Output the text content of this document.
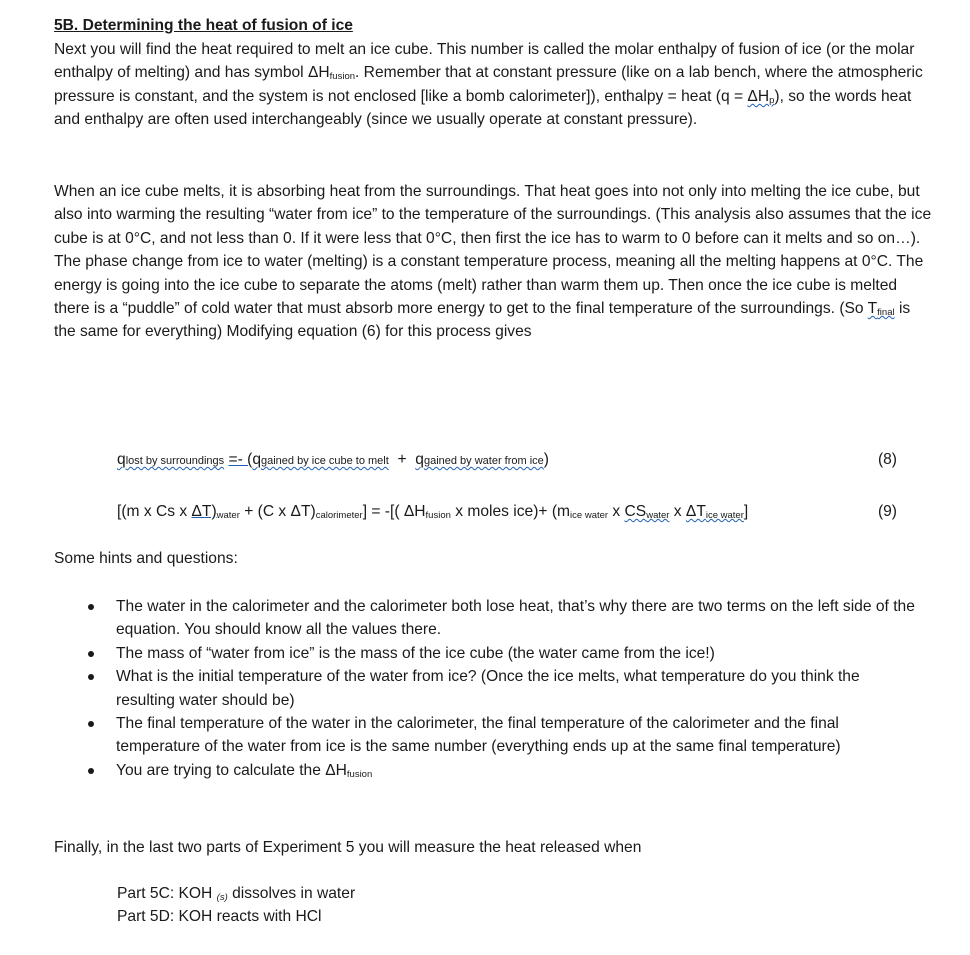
5B. Determining the heat of fusion of ice

Next you will find the heat required to melt an ice cube. This number is called the molar enthalpy of fusion of ice (or the molar enthalpy of melting) and has symbol $\Delta H_{fusion}$. Remember that at constant pressure (like on a lab bench, where the atmospheric pressure is constant, and the system is not enclosed [like a bomb calorimeter]), enthalpy = heat $(q = \Delta H_p)$, so the words heat and enthalpy are often used interchangeably (since we usually operate at constant pressure).

When an ice cube melts, it is absorbing heat from the surroundings. That heat goes into not only into melting the ice cube, but also into warming the resulting “water from ice” to the temperature of the surroundings. (This analysis also assumes that the ice cube is at 0°C, and not less than 0. If it were less that 0°C, then first the ice has to warm to 0 before can it melts and so on…). The phase change from ice to water (melting) is a constant temperature process, meaning all the melting happens at 0°C. The energy is going into the ice cube to separate the atoms (melt) rather than warm them up. Then once the ice cube is melted there is a “puddle” of cold water that must absorb more energy to get to the final temperature of the surroundings. (So $T_{final}$ is the same for everything) Modifying equation (6) for this process gives

qlost by surroundings =- (qgained by ice cube to melt + qgained by water from ice)	(8)
[(m x Cs x $\Delta T)_{water} + (C$ x $\Delta T)_{calorimeter}$] = -[( $\Delta H_{fusion}$ x moles $ice)+ (m_{ice water}$ x $CS_{water}$ x $\Delta T_{ice water}$]	(9)

Some hints and questions:

The water in the calorimeter and the calorimeter both lose heat, that’s why there are two terms on the left side of the equation. You should know all the values there.
The mass of “water from ice” is the mass of the ice cube (the water came from the ice!)
What is the initial temperature of the water from ice? (Once the ice melts, what temperature do you think the resulting water should be)
The final temperature of the water in the calorimeter, the final temperature of the calorimeter and the final temperature of the water from ice is the same number (everything ends up at the same final temperature)
You are trying to calculate the $\Delta H_{fusion}$

Finally, in the last two parts of Experiment 5 you will measure the heat released when

Part 5C: KOH $_{(s)}$ dissolves in water
Part 5D: KOH reacts with HCl
